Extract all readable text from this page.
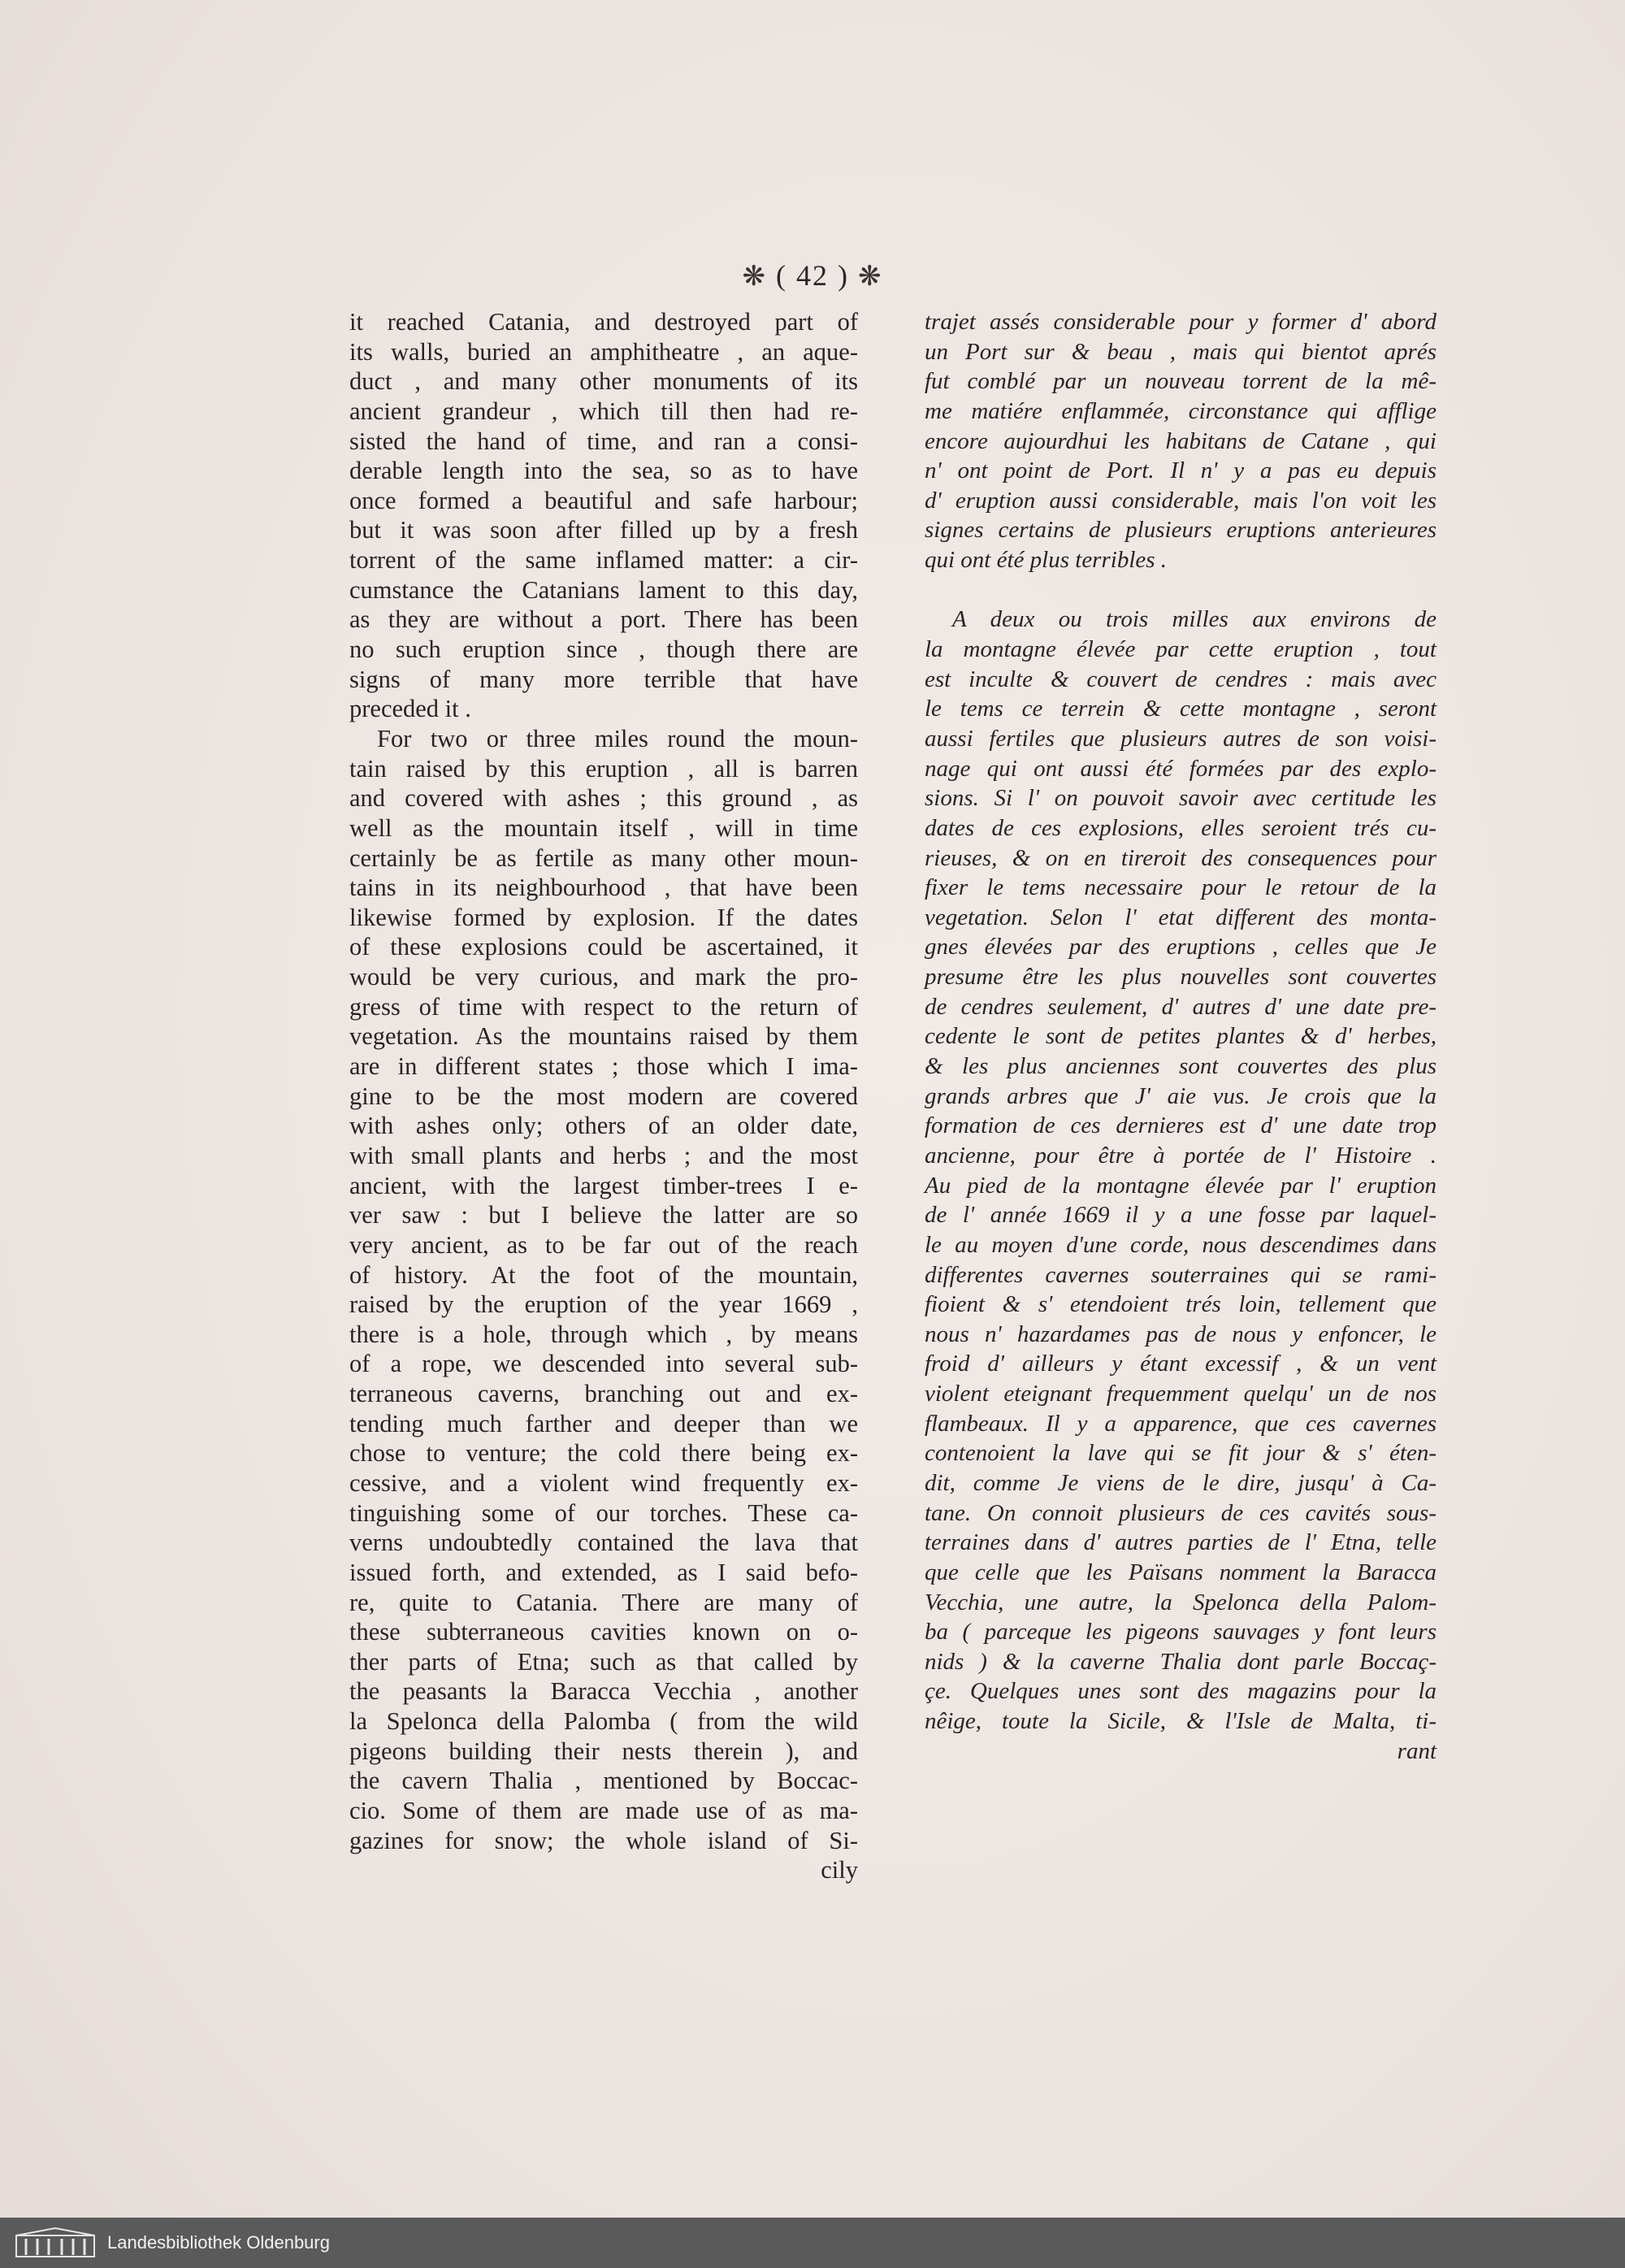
❋ ( 42 ) ❋
it reached Catania, and destroyed part of
its walls, buried an amphitheatre , an aque-
duct , and many other monuments of its
ancient grandeur , which till then had re-
sisted the hand of time, and ran a consi-
derable length into the sea, so as to have
once formed a beautiful and safe harbour;
but it was soon after filled up by a fresh
torrent of the same inflamed matter: a cir-
cumstance the Catanians lament to this day,
as they are without a port. There has been
no such eruption since , though there are
signs of many more terrible that have
preceded it .
For two or three miles round the moun-
tain raised by this eruption , all is barren
and covered with ashes ; this ground , as
well as the mountain itself , will in time
certainly be as fertile as many other moun-
tains in its neighbourhood , that have been
likewise formed by explosion. If the dates
of these explosions could be ascertained, it
would be very curious, and mark the pro-
gress of time with respect to the return of
vegetation. As the mountains raised by them
are in different states ; those which I ima-
gine to be the most modern are covered
with ashes only; others of an older date,
with small plants and herbs ; and the most
ancient, with the largest timber-trees I e-
ver saw : but I believe the latter are so
very ancient, as to be far out of the reach
of history. At the foot of the mountain,
raised by the eruption of the year 1669 ,
there is a hole, through which , by means
of a rope, we descended into several sub-
terraneous caverns, branching out and ex-
tending much farther and deeper than we
chose to venture; the cold there being ex-
cessive, and a violent wind frequently ex-
tinguishing some of our torches. These ca-
verns undoubtedly contained the lava that
issued forth, and extended, as I said befo-
re, quite to Catania. There are many of
these subterraneous cavities known on o-
ther parts of Etna; such as that called by
the peasants la Baracca Vecchia , another
la Spelonca della Palomba ( from the wild
pigeons building their nests therein ), and
the cavern Thalia , mentioned by Boccac-
cio. Some of them are made use of as ma-
gazines for snow; the whole island of Si-
cily
trajet assés considerable pour y former d' abord
un Port sur & beau , mais qui bientot aprés
fut comblé par un nouveau torrent de la mê-
me matiére enflammée, circonstance qui afflige
encore aujourdhui les habitans de Catane , qui
n' ont point de Port. Il n' y a pas eu depuis
d' eruption aussi considerable, mais l'on voit les
signes certains de plusieurs eruptions anterieures
qui ont été plus terribles .
A deux ou trois milles aux environs de
la montagne élevée par cette eruption , tout
est inculte & couvert de cendres : mais avec
le tems ce terrein & cette montagne , seront
aussi fertiles que plusieurs autres de son voisi-
nage qui ont aussi été formées par des explo-
sions. Si l' on pouvoit savoir avec certitude les
dates de ces explosions, elles seroient trés cu-
rieuses, & on en tireroit des consequences pour
fixer le tems necessaire pour le retour de la
vegetation. Selon l' etat different des monta-
gnes élevées par des eruptions , celles que Je
presume être les plus nouvelles sont couvertes
de cendres seulement, d' autres d' une date pre-
cedente le sont de petites plantes & d' herbes,
& les plus anciennes sont couvertes des plus
grands arbres que J' aie vus. Je crois que la
formation de ces dernieres est d' une date trop
ancienne, pour être à portée de l' Histoire .
Au pied de la montagne élevée par l' eruption
de l' année 1669 il y a une fosse par laquel-
le au moyen d'une corde, nous descendimes dans
differentes cavernes souterraines qui se rami-
fioient & s' etendoient trés loin, tellement que
nous n' hazardames pas de nous y enfoncer, le
froid d' ailleurs y étant excessif , & un vent
violent eteignant frequemment quelqu' un de nos
flambeaux. Il y a apparence, que ces cavernes
contenoient la lave qui se fit jour & s' éten-
dit, comme Je viens de le dire, jusqu' à Ca-
tane. On connoit plusieurs de ces cavités sous-
terraines dans d' autres parties de l' Etna, telle
que celle que les Païsans nomment la Baracca
Vecchia, une autre, la Spelonca della Palom-
ba ( parceque les pigeons sauvages y font leurs
nids ) & la caverne Thalia dont parle Boccaç-
çe. Quelques unes sont des magazins pour la
nêige, toute la Sicile, & l'Isle de Malta, ti-
rant
Landesbibliothek Oldenburg
